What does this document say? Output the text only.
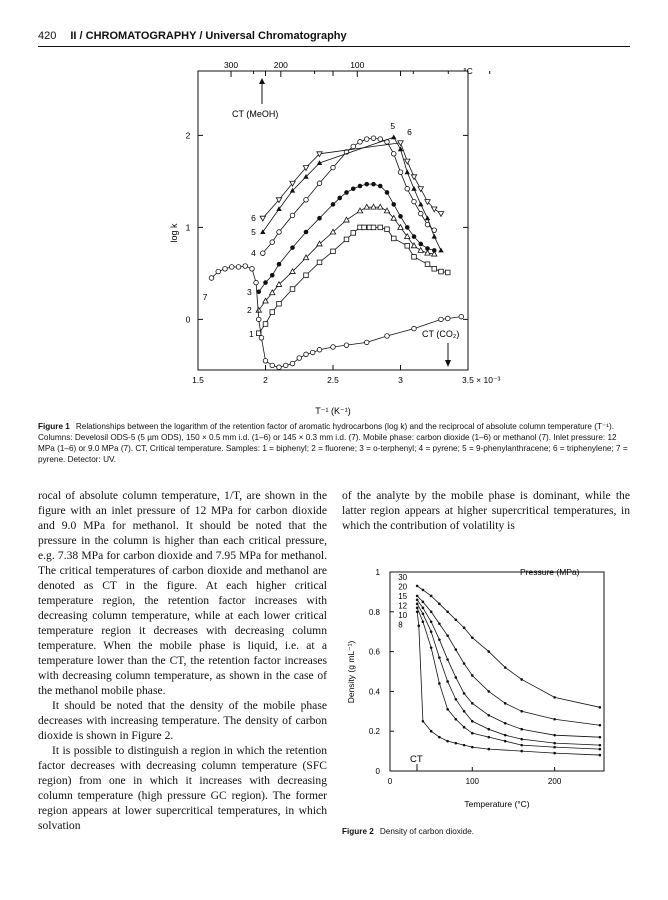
420 II / CHROMATOGRAPHY / Universal Chromatography
1.5	2	2.5	3	3.5 × 10⁻³
2
1
0
300	200	100
1
2
3
4
5
5
6
6
7
°C
log k
T⁻¹ (K⁻¹)
CT (MeOH)
CT (CO₂)
0	100	200
0
0.2
0.4
0.6
0.8
1
30
20
15
12
10
8
Pressure (MPa)
Density (g mL⁻¹)
Temperature (°C)
CT
Figure 1 Relationships between the logarithm of the retention factor of aromatic hydrocarbons (log k) and the reciprocal of absolute column temperature (T⁻¹). Columns: Develosil ODS-5 (5 µm ODS), 150 × 0.5 mm i.d. (1–6) or 145 × 0.3 mm i.d. (7). Mobile phase: carbon dioxide (1–6) or methanol (7). Inlet pressure: 12 MPa (1–6) or 9.0 MPa (7). CT, Critical temperature. Samples: 1 = biphenyl; 2 = fluorene; 3 = o-terphenyl; 4 = pyrene; 5 = 9-phenylanthracene; 6 = triphenylene; 7 = pyrene. Detector: UV.

rocal of absolute column temperature, 1/T, are shown in the figure with an inlet pressure of 12 MPa for carbon dioxide and 9.0 MPa for methanol. It should be noted that the pressure in the column is higher than each critical pressure, e.g. 7.38 MPa for carbon dioxide and 7.95 MPa for methanol. The critical temperatures of carbon dioxide and methanol are denoted as CT in the figure. At each higher critical temperature region, the retention factor increases with decreasing column temperature, while at each lower critical temperature region it decreases with decreasing column temperature. When the mobile phase is liquid, i.e. at a temperature lower than the CT, the retention factor increases with decreasing column temperature, as shown in the case of the methanol mobile phase.

It should be noted that the density of the mobile phase decreases with increasing temperature. The density of carbon dioxide is shown in Figure 2.

It is possible to distinguish a region in which the retention factor decreases with decreasing column temperature (SFC region) from one in which it increases with decreasing column temperature (high pressure GC region). The former region appears at lower supercritical temperatures, in which solvation

of the analyte by the mobile phase is dominant, while the latter region appears at higher supercritical temperatures, in which the contribution of volatility is

Figure 2 Density of carbon dioxide.
